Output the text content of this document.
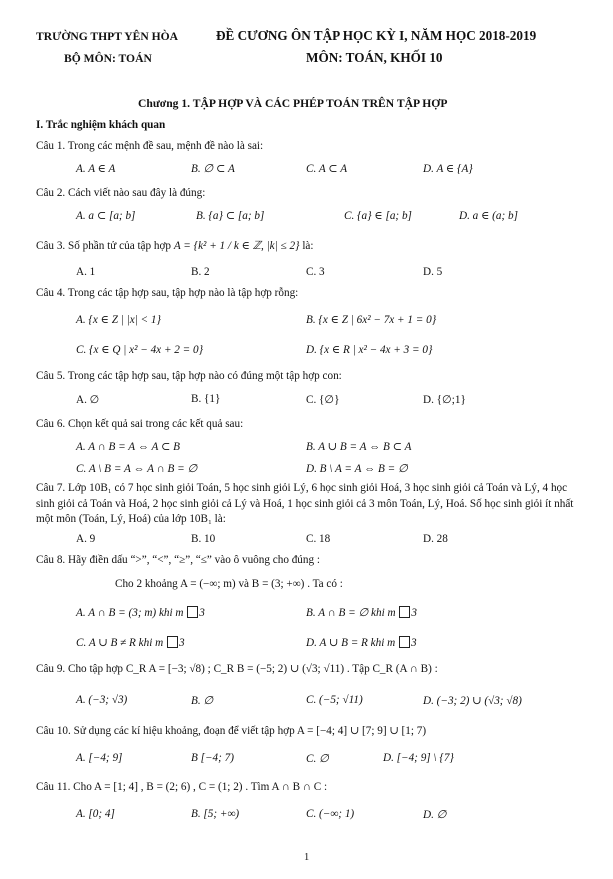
TRƯỜNG THPT YÊN HÒA	ĐỀ CƯƠNG ÔN TẬP HỌC KỲ I, NĂM HỌC 2018-2019
BỘ MÔN: TOÁN	MÔN: TOÁN, KHỐI 10
Chương 1. TẬP HỢP VÀ CÁC PHÉP TOÁN TRÊN TẬP HỢP
I. Trắc nghiệm khách quan
Câu 1. Trong các mệnh đề sau, mệnh đề nào là sai:
A. A ∈ A	B. ∅ ⊂ A	C. A ⊂ A	D. A ∈ {A}
Câu 2. Cách viết nào sau đây là đúng:
A. a ⊂ [a; b]	B. {a} ⊂ [a; b]	C. {a} ∈ [a; b]	D. a ∈ (a; b]
Câu 3. Số phần tử của tập hợp A = {k² + 1 / k ∈ ℤ, |k| ≤ 2} là:
A. 1	B. 2	C. 3	D. 5
Câu 4. Trong các tập hợp sau, tập hợp nào là tập hợp rỗng:
A. {x ∈ Z | |x| < 1}	B. {x ∈ Z | 6x² − 7x + 1 = 0}
C. {x ∈ Q | x² − 4x + 2 = 0}	D. {x ∈ R | x² − 4x + 3 = 0}
Câu 5. Trong các tập hợp sau, tập hợp nào có đúng một tập hợp con:
A. ∅	B. {1}	C. {∅}	D. {∅;1}
Câu 6. Chọn kết quả sai trong các kết quả sau:
A. A ∩ B = A ⇔ A ⊂ B	B. A ∪ B = A ⇔ B ⊂ A
C. A \ B = A ⇔ A ∩ B = ∅	D. B \ A = A ⇔ B = ∅
Câu 7. Lớp 10B₁ có 7 học sinh giỏi Toán, 5 học sinh giỏi Lý, 6 học sinh giỏi Hoá, 3 học sinh giỏi cả Toán và Lý, 4 học sinh giỏi cả Toán và Hoá, 2 học sinh giỏi cả Lý và Hoá, 1 học sinh giỏi cả 3 môn Toán, Lý, Hoá. Số học sinh giỏi ít nhất một môn (Toán, Lý, Hoá) của lớp 10B₁ là:
A. 9	B. 10	C. 18	D. 28
Câu 8. Hãy điền dấu “>”, “<”, “≥”, “≤” vào ô vuông cho đúng :
Cho 2 khoảng A = (−∞; m) và B = (3; +∞) . Ta có :
A. A ∩ B = (3; m) khi m 3	B. A ∩ B = ∅ khi m 3
C. A ∪ B ≠ R khi m 3	D. A ∪ B = R khi m 3
Câu 9. Cho tập hợp C_R A = [−3; √8) ; C_R B = (−5; 2) ∪ (√3; √11) . Tập C_R (A ∩ B) :
A. (−3; √3)	B. ∅	C. (−5; √11)	D. (−3; 2) ∪ (√3; √8)
Câu 10. Sử dụng các kí hiệu khoảng, đoạn để viết tập hợp A = [−4; 4] ∪ [7; 9] ∪ [1; 7)
A. [−4; 9]	B [−4; 7)	C. ∅	D. [−4; 9] \ {7}
Câu 11. Cho A = [1; 4] , B = (2; 6) , C = (1; 2) . Tìm A ∩ B ∩ C :
A. [0; 4]	B. [5; +∞)	C. (−∞; 1)	D. ∅
1
